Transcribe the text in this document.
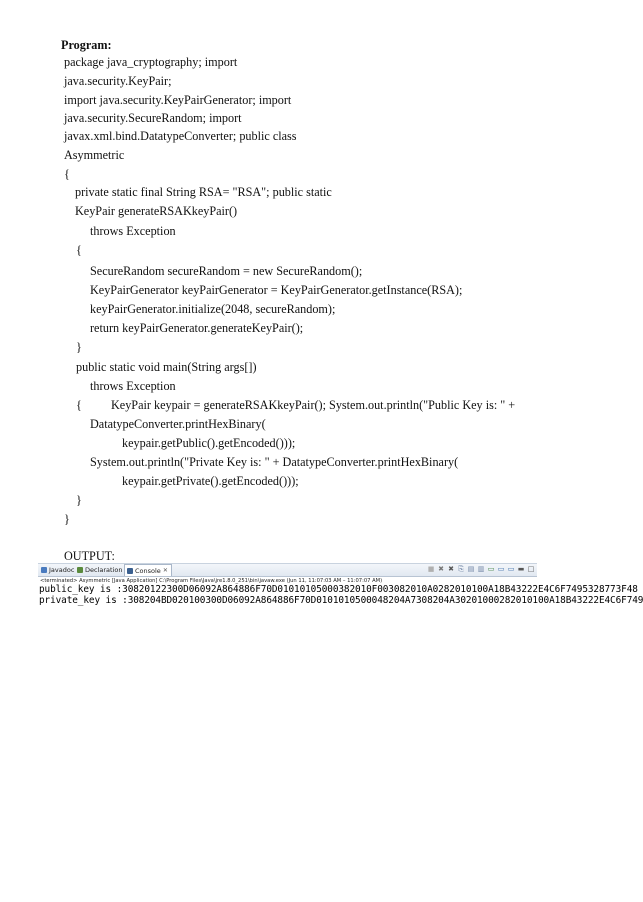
Program:
package java_cryptography; import
java.security.KeyPair;
import java.security.KeyPairGenerator; import
java.security.SecureRandom; import
javax.xml.bind.DatatypeConverter; public class
Asymmetric
{
private static final String RSA= "RSA"; public static
KeyPair generateRSAKkeyPair()
throws Exception
{
SecureRandom secureRandom = new SecureRandom();
KeyPairGenerator keyPairGenerator = KeyPairGenerator.getInstance(RSA);
keyPairGenerator.initialize(2048, secureRandom);
return keyPairGenerator.generateKeyPair();
}
public static void main(String args[])
throws Exception
{ KeyPair keypair = generateRSAKkeyPair(); System.out.println("Public Key is: " +
DatatypeConverter.printHexBinary(
keypair.getPublic().getEncoded()));
System.out.println("Private Key is: " + DatatypeConverter.printHexBinary(
keypair.getPrivate().getEncoded()));
}
}
OUTPUT:
Javadoc Declaration Console ✕	■ ✖ ✖ ⎘ ▤ ▥ ▭ ▭ ▭ ▬ □
<terminated> Asymmetric [Java Application] C:\Program Files\Java\jre1.8.0_251\bin\javaw.exe (Jun 11, 11:07:03 AM – 11:07:07 AM)
public_key is :30820122300D06092A864886F70D01010105000382010F003082010A0282010100A18B43222E4C6F7495328773F48
private_key is :308204BD020100300D06092A864886F70D0101010500048204A7308204A30201000282010100A18B43222E4C6F749
